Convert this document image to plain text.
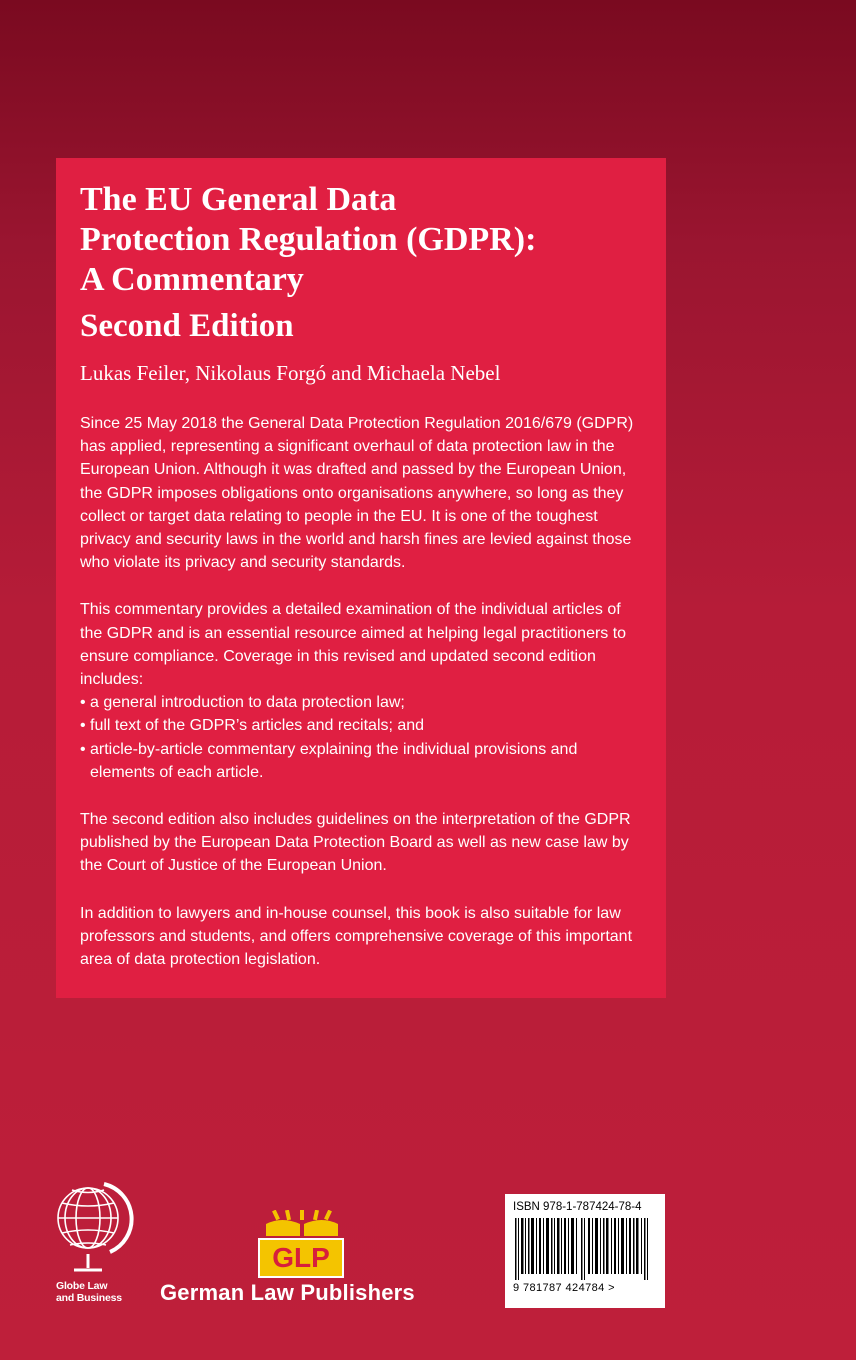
The EU General Data
Protection Regulation (GDPR):
A Commentary
Second Edition
Lukas Feiler, Nikolaus Forgó and Michaela Nebel

Since 25 May 2018 the General Data Protection Regulation 2016/679 (GDPR) has applied, representing a significant overhaul of data protection law in the European Union. Although it was drafted and passed by the European Union, the GDPR imposes obligations onto organisations anywhere, so long as they collect or target data relating to people in the EU. It is one of the toughest privacy and security laws in the world and harsh fines are levied against those who violate its privacy and security standards.

This commentary provides a detailed examination of the individual articles of the GDPR and is an essential resource aimed at helping legal practitioners to ensure compliance. Coverage in this revised and updated second edition includes:

• a general introduction to data protection law;
• full text of the GDPR’s articles and recitals; and
• article-by-article commentary explaining the individual provisions and elements of each article.

The second edition also includes guidelines on the interpretation of the GDPR published by the European Data Protection Board as well as new case law by the Court of Justice of the European Union.

In addition to lawyers and in-house counsel, this book is also suitable for law professors and students, and offers comprehensive coverage of this important area of data protection legislation.

Globe Law
and Business
GLP
German Law Publishers
ISBN 978-1-787424-78-4
9 781787 424784 >
